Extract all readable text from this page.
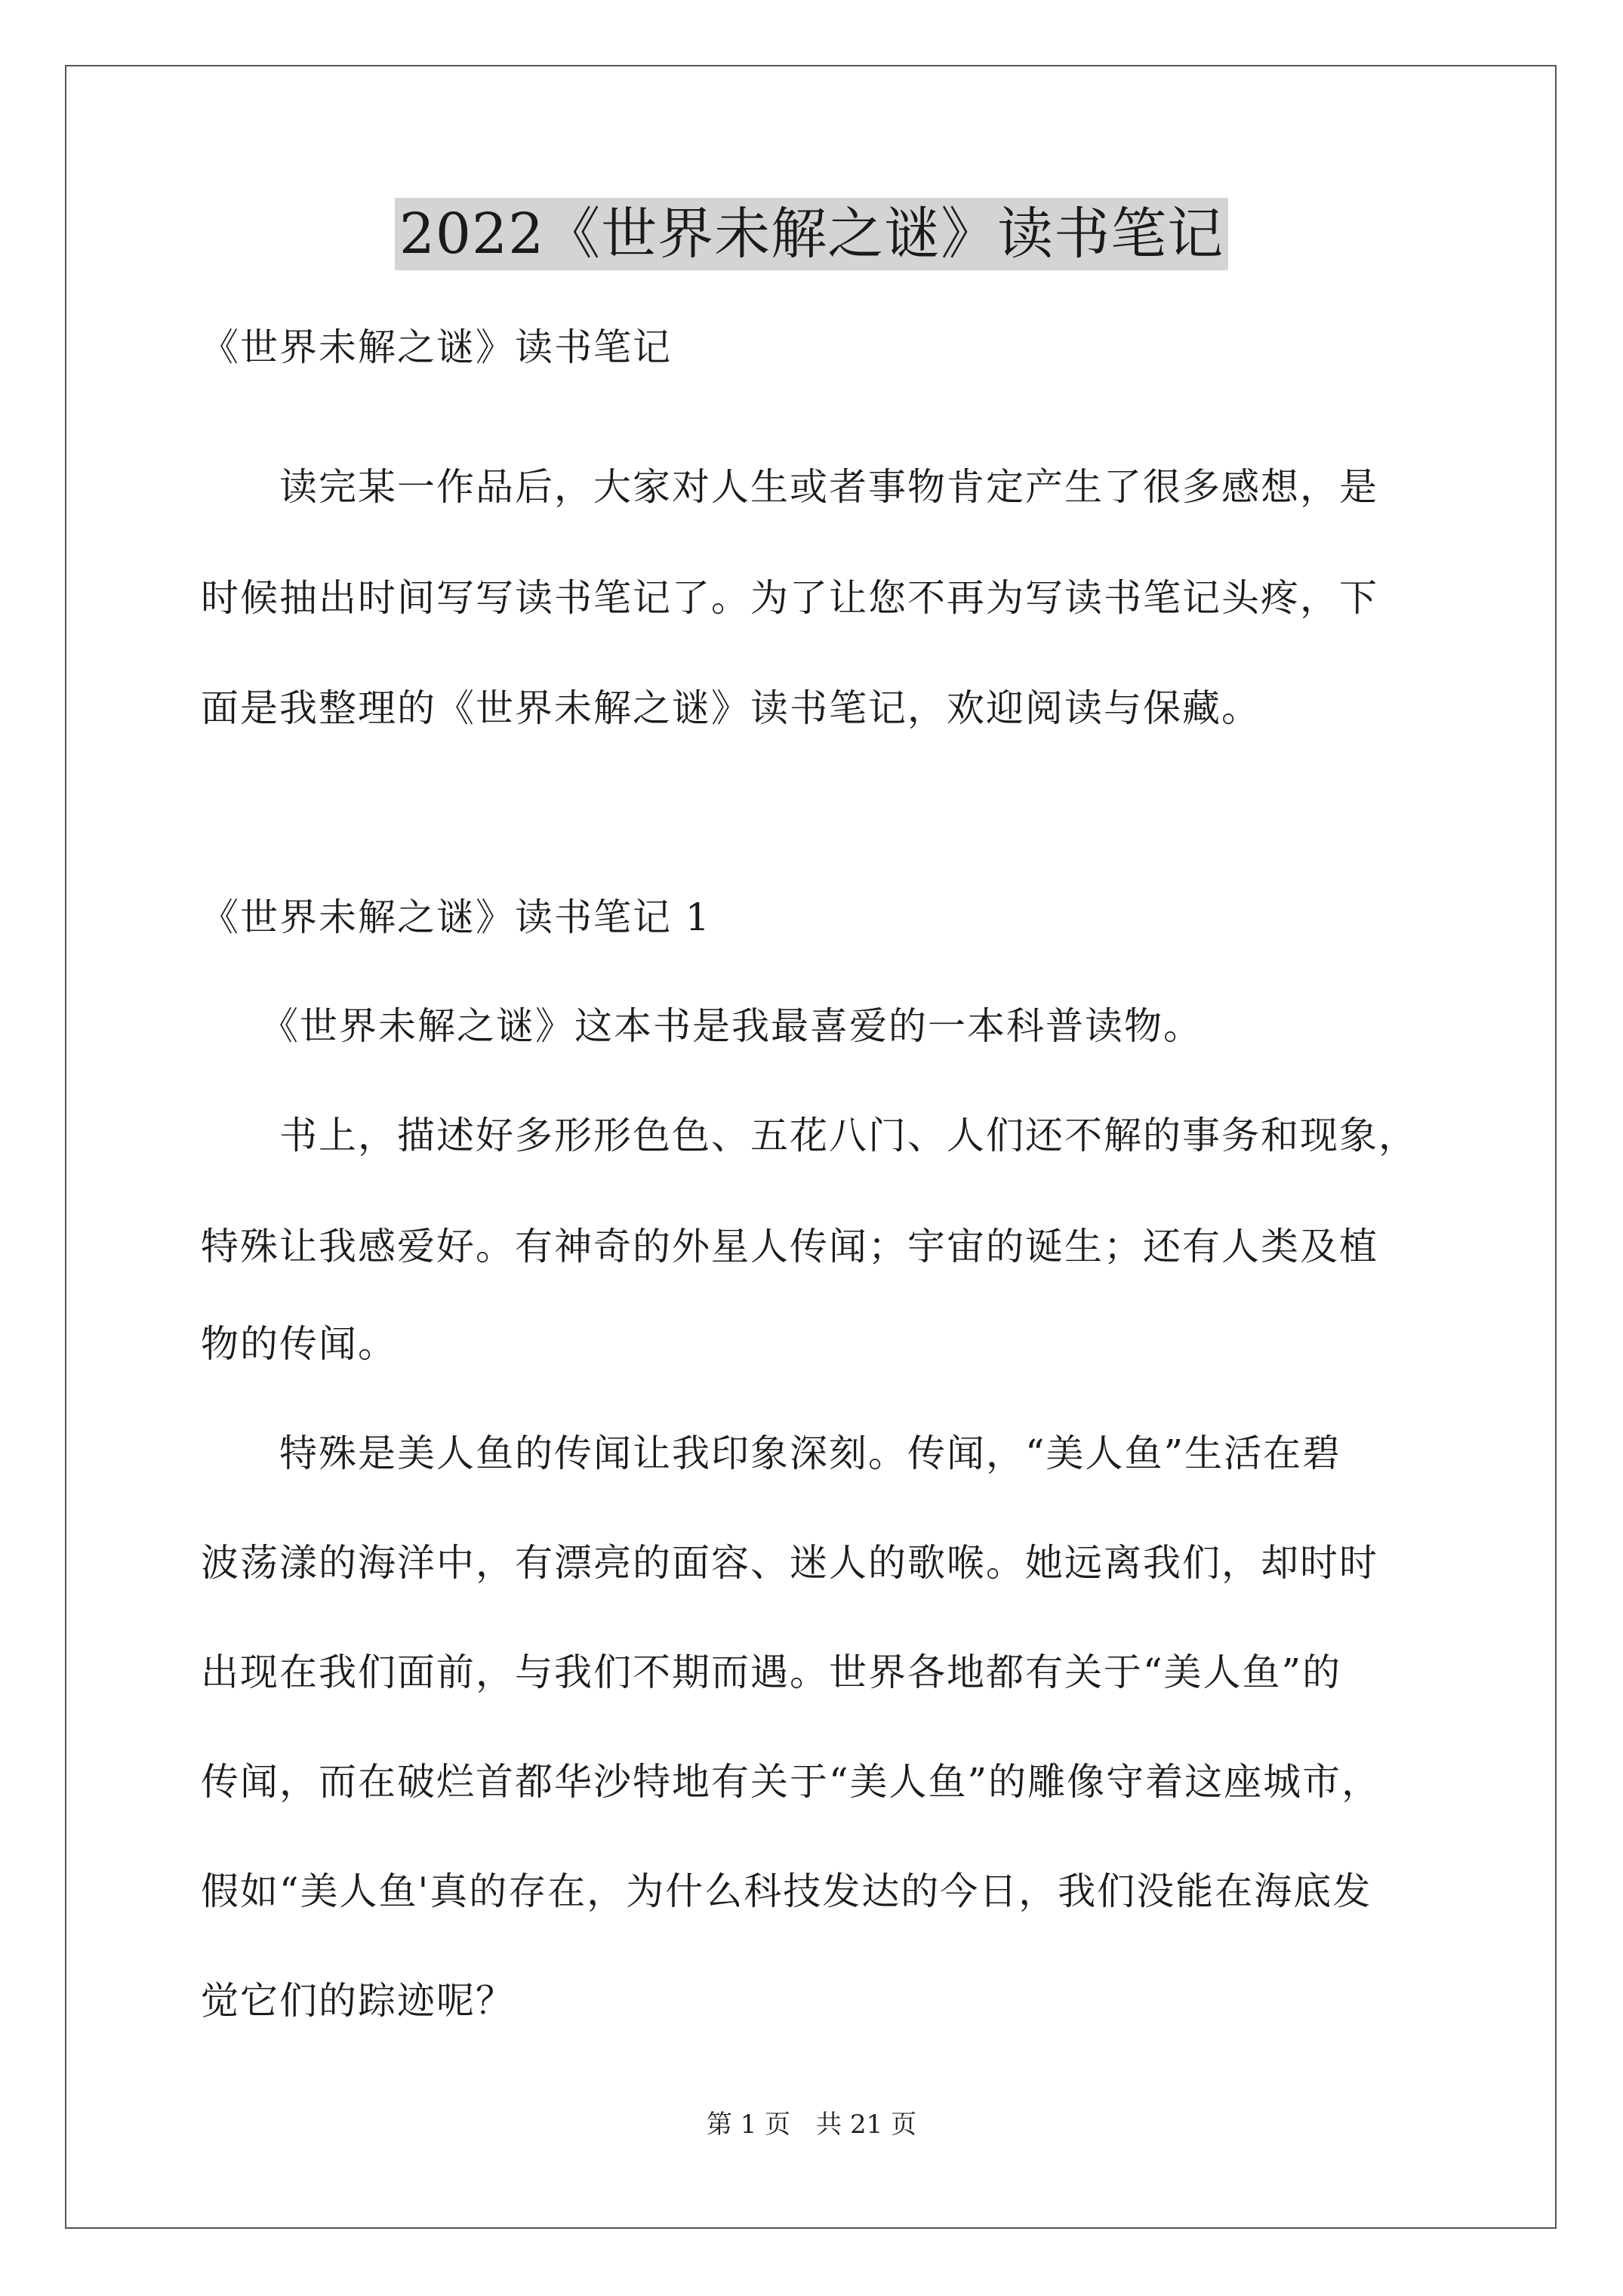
2022《世界未解之谜》读书笔记
《世界未解之谜》读书笔记
　　读完某一作品后，大家对人生或者事物肯定产生了很多感想，是
时候抽出时间写写读书笔记了。为了让您不再为写读书笔记头疼，下
面是我整理的《世界未解之谜》读书笔记，欢迎阅读与保藏。
《世界未解之谜》读书笔记 1
　　《世界未解之谜》这本书是我最喜爱的一本科普读物。
　　书上，描述好多形形色色、五花八门、人们还不解的事务和现象，
特殊让我感爱好。有神奇的外星人传闻；宇宙的诞生；还有人类及植
物的传闻。
　　特殊是美人鱼的传闻让我印象深刻。传闻，“美人鱼”生活在碧
波荡漾的海洋中，有漂亮的面容、迷人的歌喉。她远离我们，却时时
出现在我们面前，与我们不期而遇。世界各地都有关于“美人鱼”的
传闻，而在破烂首都华沙特地有关于“美人鱼”的雕像守着这座城市，
假如“美人鱼'真的存在，为什么科技发达的今日，我们没能在海底发
觉它们的踪迹呢？
第 1 页　共 21 页
